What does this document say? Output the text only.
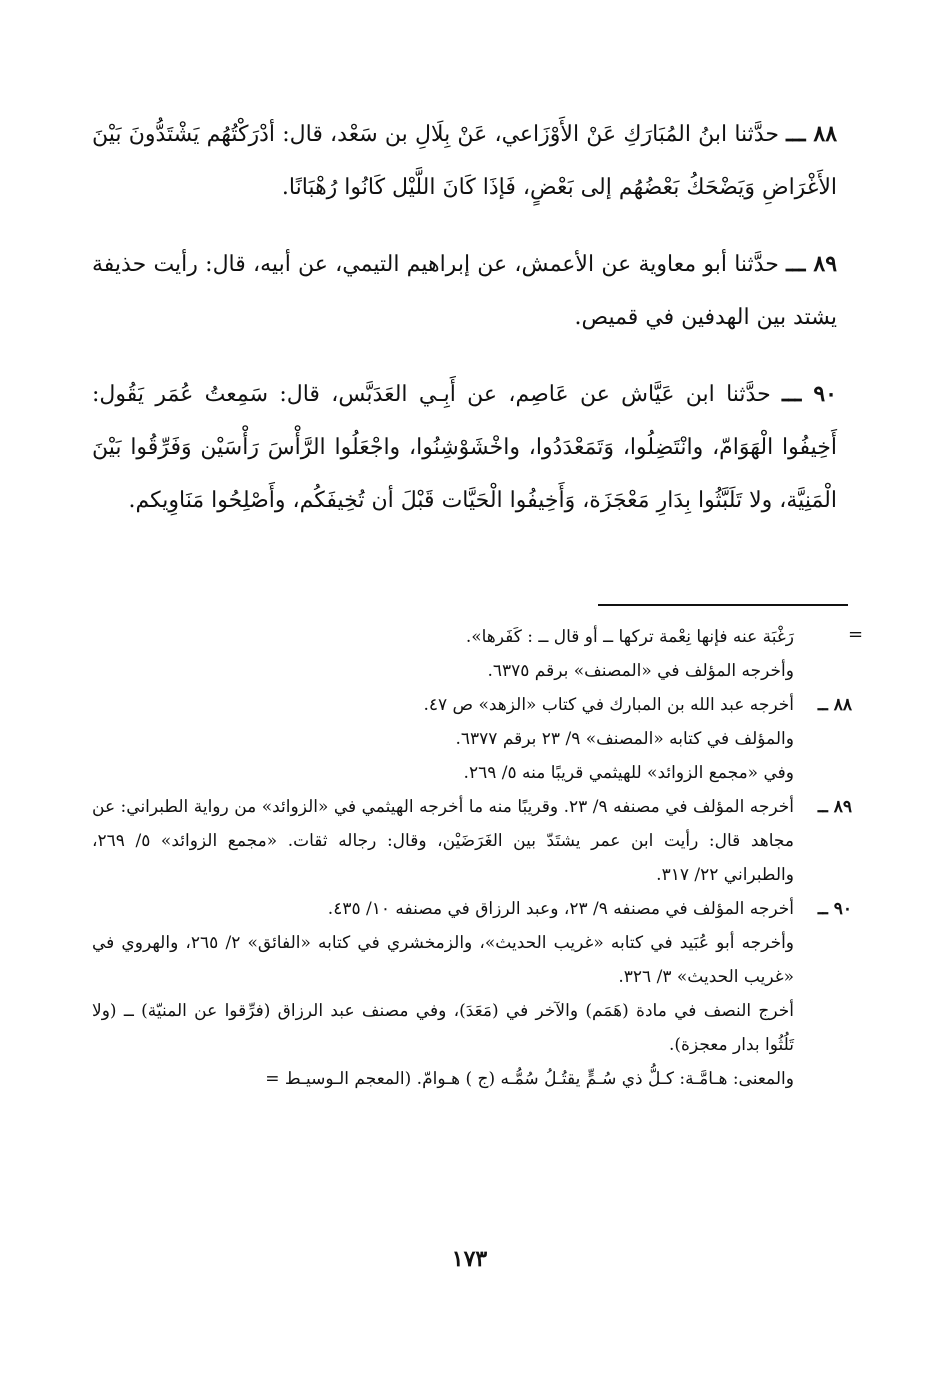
٨٨ ـــ حدَّثنا ابنُ المُبَارَكِ عَنْ الأَوْزَاعي، عَنْ بِلَالِ بن سَعْد، قال: أدْرَكْتُهُم يَشْتَدُّونَ بَيْنَ الأَغْرَاضِ وَيَضْحَكُ بَعْضُهُم إلى بَعْضٍ، فَإذَا كَانَ اللَّيْل كَانُوا رُهْبَانًا.

٨٩ ـــ حدَّثنا أبو معاوية عن الأعمش، عن إبراهيم التيمي، عن أبيه، قال: رأيت حذيفة يشتد بين الهدفين في قميص.

٩٠ ـــ حدَّثنا ابن عَيَّاش عن عَاصِم، عن أَبِـي العَدَبَّس، قال: سَمِعتُ عُمَر يَقُول: أَخِيفُوا الْهَوَامّ، وانْتَضِلُوا، وَتَمَعْدَدُوا، واخْشَوْشِنُوا، واجْعَلُوا الرَّأْسَ رَأْسَيْن وَفَرِّقُوا بَيْنَ الْمَنِيَّة، ولا تَلَبَّثُوا بِدَارِ مَعْجَزَة، وَأَخِيفُوا الْحَيَّات قَبْلَ أن تُخِيفَكُم، وأَصْلِحُوا مَنَاوِيكم.

=
رَغْبَة عنه فإنها نِعْمة تركها ــ أو قال ــ : كَفَرها».
وأخرجه المؤلف في «المصنف» برقم ٦٣٧٥.
٨٨ ــ
أخرجه عبد الله بن المبارك في كتاب «الزهد» ص ٤٧.
والمؤلف في كتابه «المصنف» ٩/ ٢٣ برقم ٦٣٧٧.
وفي «مجمع الزوائد» للهيثمي قريبًا منه ٥/ ٢٦٩.
٨٩ ــ
أخرجه المؤلف في مصنفه ٩/ ٢٣. وقريبًا منه ما أخرجه الهيثمي في «الزوائد» من رواية الطبراني: عن مجاهد قال: رأيت ابن عمر يشتَدّ بين الغَرَضَيْن، وقال: رجاله ثقات. «مجمع الزوائد» ٥/ ٢٦٩، والطبراني ٢٢/ ٣١٧.
٩٠ ــ
أخرجه المؤلف في مصنفه ٩/ ٢٣، وعبد الرزاق في مصنفه ١٠/ ٤٣٥.
وأخرجه أبو عُبَيد في كتابه «غريب الحديث»، والزمخشري في كتابه «الفائق» ٢/ ٢٦٥، والهروي في «غريب الحديث» ٣/ ٣٢٦.
أخرج النصف في مادة (هَمَم) والآخر في (مَعَدَ)، وفي مصنف عبد الرزاق (فرِّقوا عن المنيّة) ــ (ولا تَلُثُوا بدار معجزة).
والمعنى: هـامَّـة: كـلُّ ذي سُـمٍّ يقتُـلُ سُمُّـه (ج ) هـوامّ. (المعجم الـوسيـط =
١٧٣
